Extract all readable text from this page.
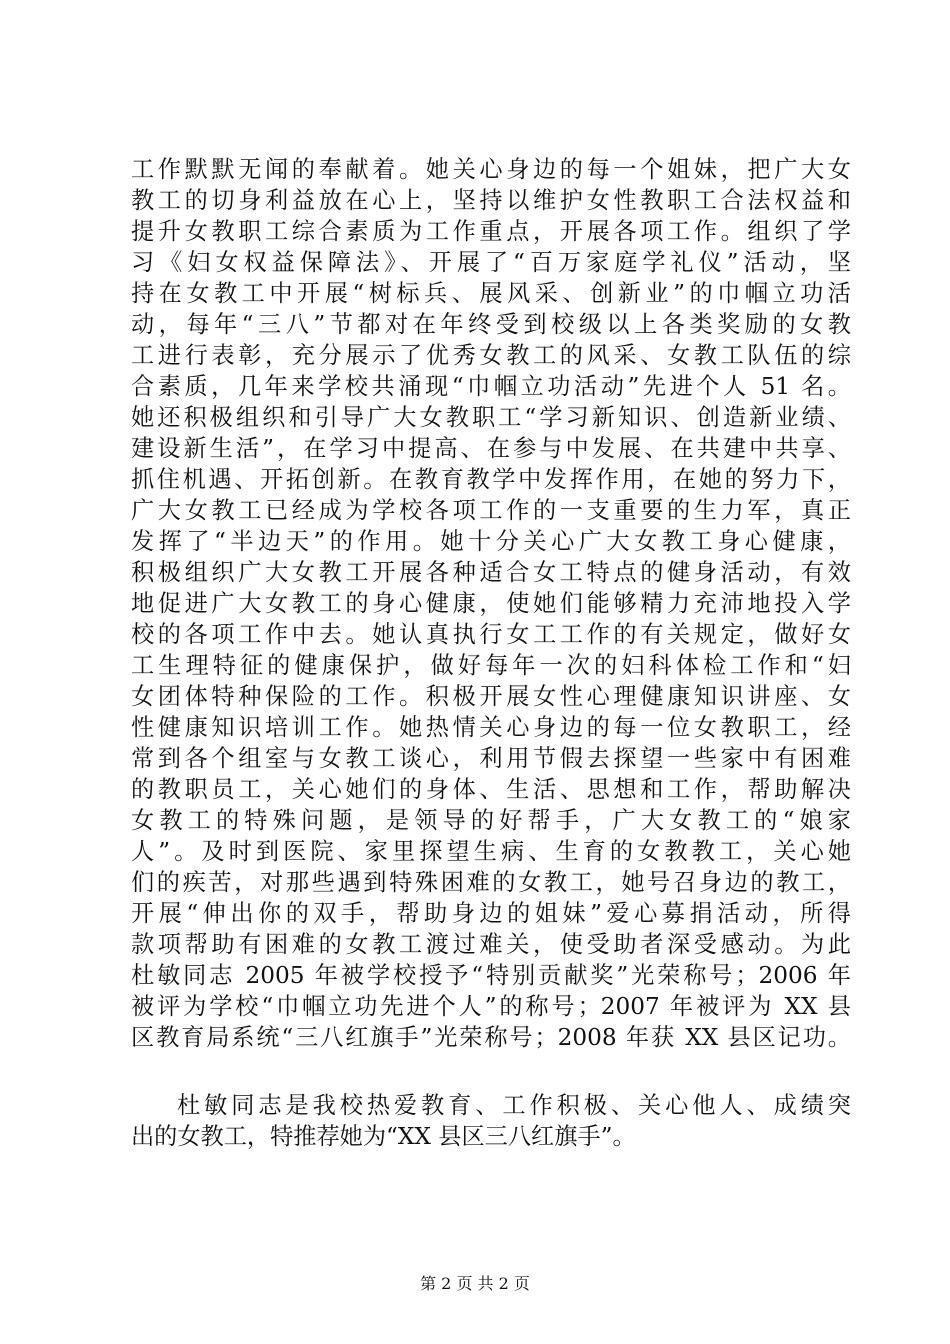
工作默默无闻的奉献着。她关心身边的每一个姐妹，把广大女
教工的切身利益放在心上，坚持以维护女性教职工合法权益和
提升女教职工综合素质为工作重点，开展各项工作。组织了学
习《妇女权益保障法》、开展了“百万家庭学礼仪”活动，坚
持在女教工中开展“树标兵、展风采、创新业”的巾帼立功活
动，每年“三八”节都对在年终受到校级以上各类奖励的女教
工进行表彰，充分展示了优秀女教工的风采、女教工队伍的综
合素质，几年来学校共涌现“巾帼立功活动”先进个人 51 名。
她还积极组织和引导广大女教职工“学习新知识、创造新业绩、
建设新生活”，在学习中提高、在参与中发展、在共建中共享、
抓住机遇、开拓创新。在教育教学中发挥作用，在她的努力下，
广大女教工已经成为学校各项工作的一支重要的生力军，真正
发挥了“半边天”的作用。她十分关心广大女教工身心健康，
积极组织广大女教工开展各种适合女工特点的健身活动，有效
地促进广大女教工的身心健康，使她们能够精力充沛地投入学
校的各项工作中去。她认真执行女工工作的有关规定，做好女
工生理特征的健康保护，做好每年一次的妇科体检工作和“妇
女团体特种保险的工作。积极开展女性心理健康知识讲座、女
性健康知识培训工作。她热情关心身边的每一位女教职工，经
常到各个组室与女教工谈心，利用节假去探望一些家中有困难
的教职员工，关心她们的身体、生活、思想和工作，帮助解决
女教工的特殊问题，是领导的好帮手，广大女教工的“娘家
人”。及时到医院、家里探望生病、生育的女教教工，关心她
们的疾苦，对那些遇到特殊困难的女教工，她号召身边的教工，
开展“伸出你的双手，帮助身边的姐妹”爱心募捐活动，所得
款项帮助有困难的女教工渡过难关，使受助者深受感动。为此
杜敏同志 2005 年被学校授予“特别贡献奖”光荣称号；2006 年
被评为学校“巾帼立功先进个人”的称号；2007 年被评为 XX 县
区教育局系统“三八红旗手”光荣称号；2008 年获 XX 县区记功。
杜敏同志是我校热爱教育、工作积极、关心他人、成绩突
出的女教工，特推荐她为“XX 县区三八红旗手”。
第 2 页 共 2 页
